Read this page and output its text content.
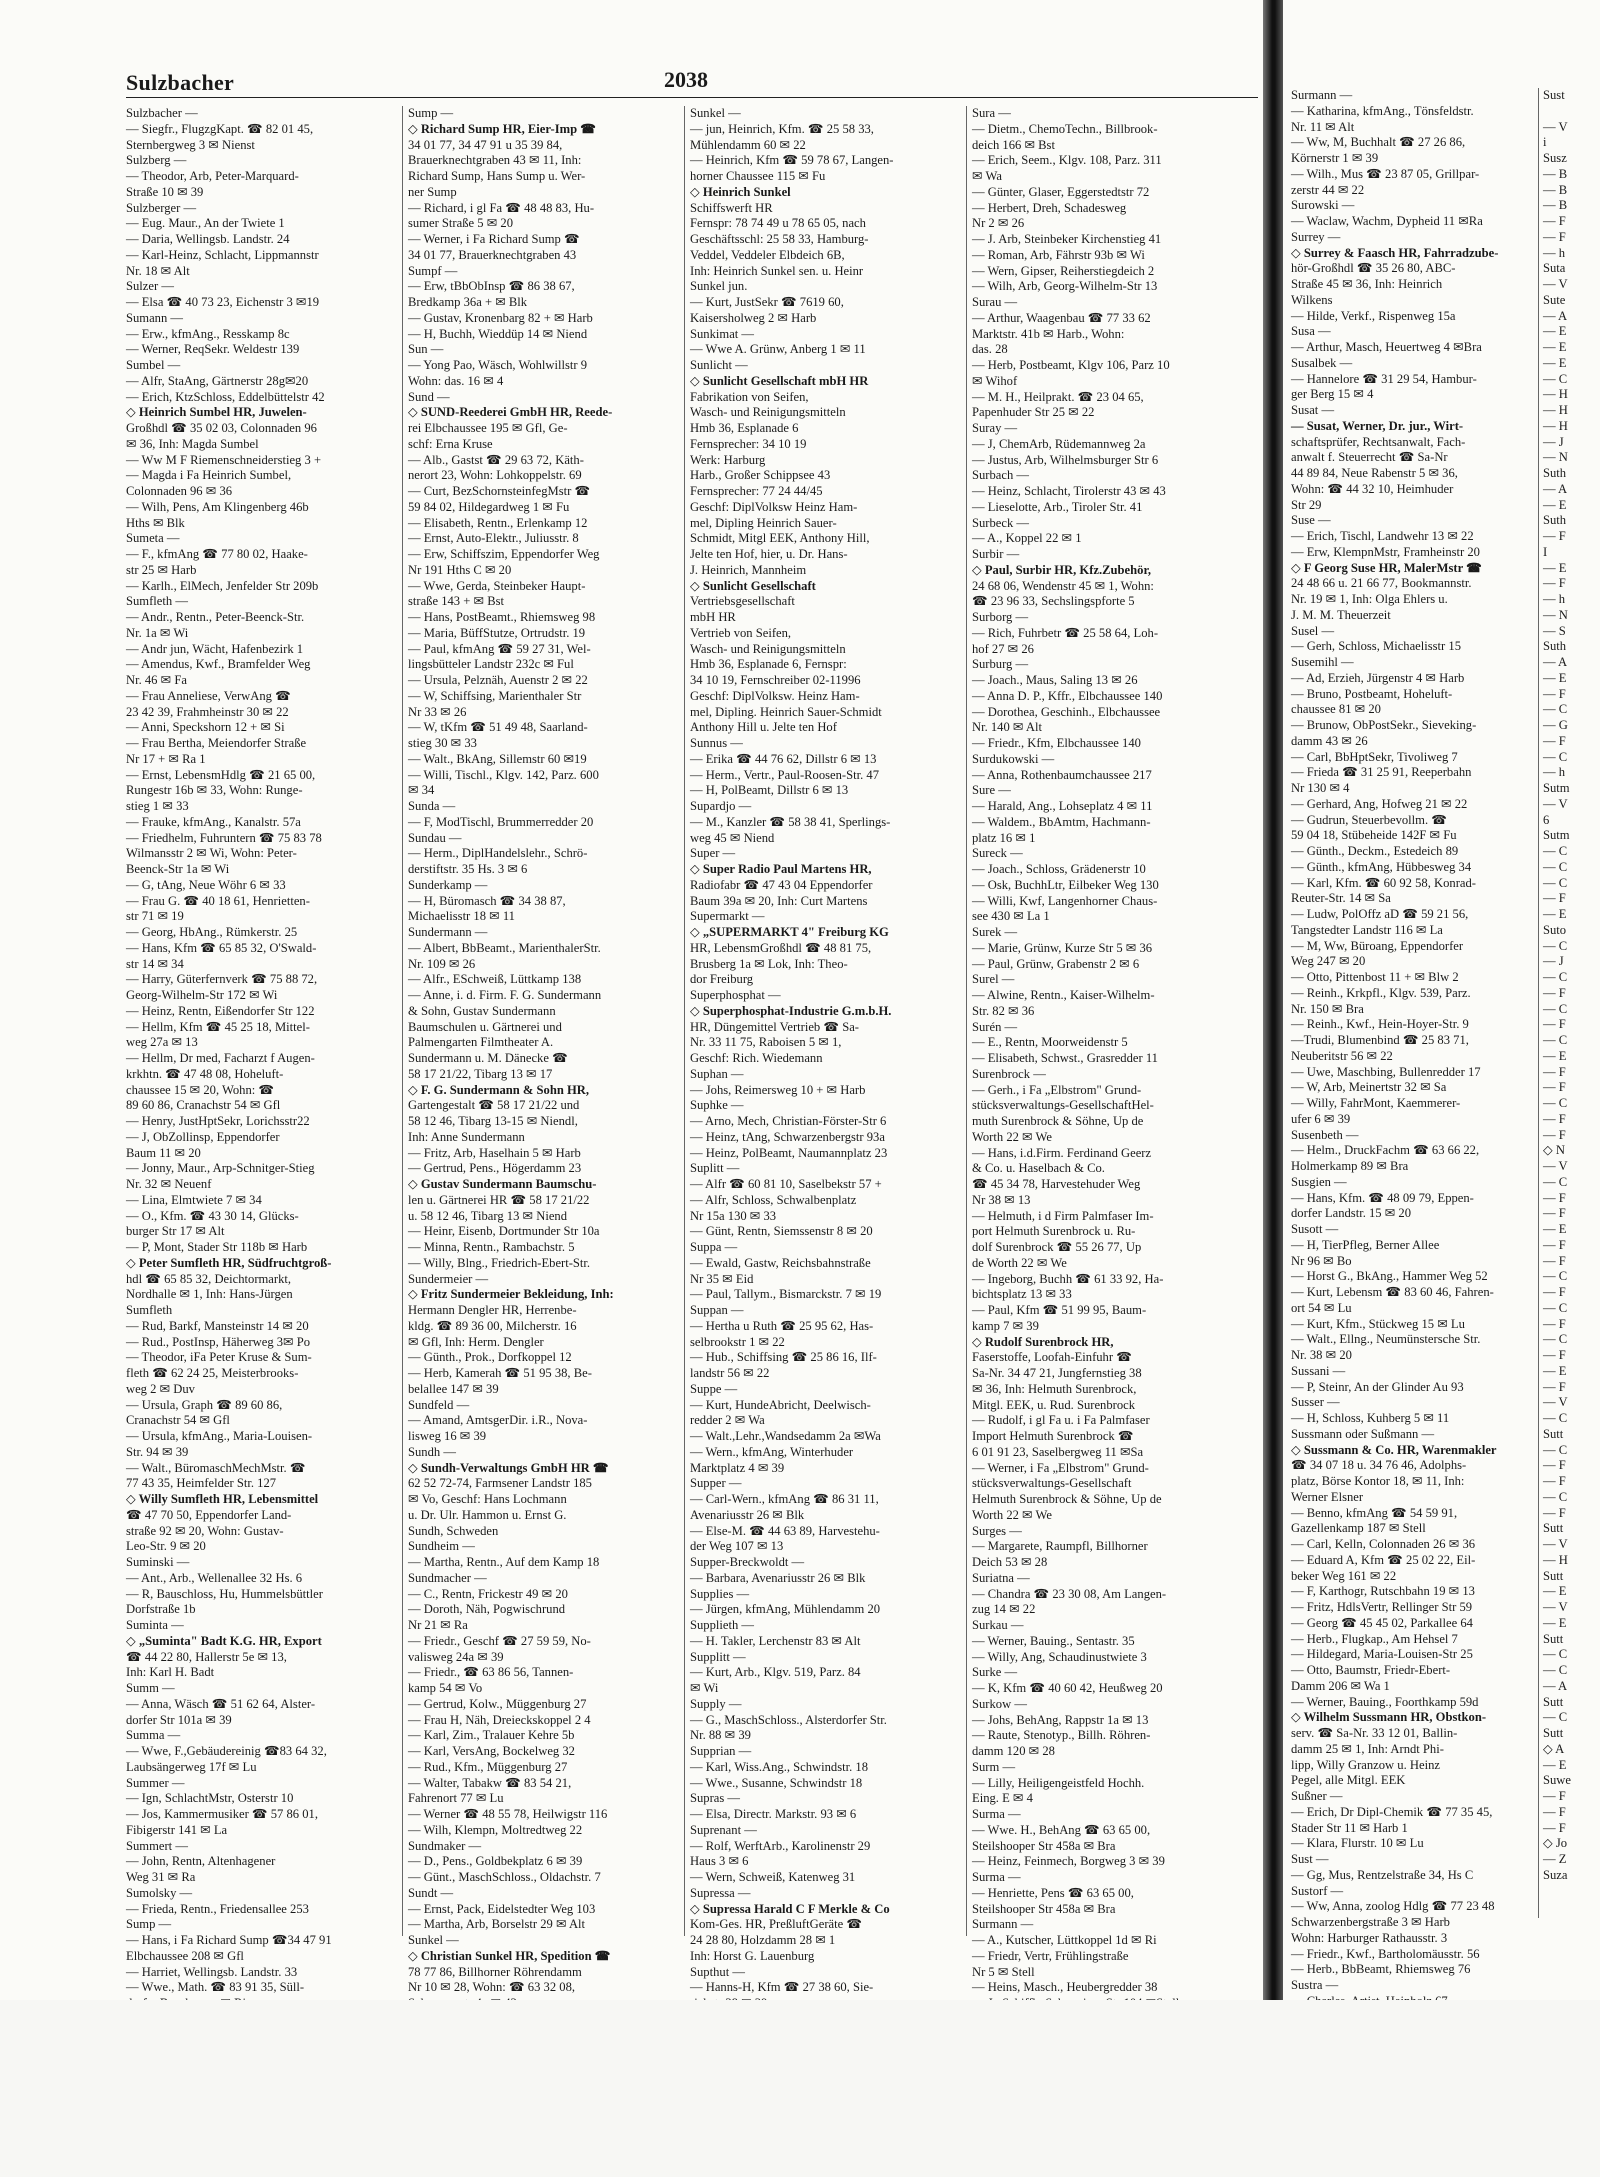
Sulzbacher	2038
Sulzbacher —
— Siegfr., FlugzgKapt. ☎ 82 01 45,
Sternbergweg 3 ✉ Nienst
Sulzberg —
— Theodor, Arb, Peter-Marquard-
Straße 10 ✉ 39
Sulzberger —
— Eug. Maur., An der Twiete 1
— Daria, Wellingsb. Landstr. 24
— Karl-Heinz, Schlacht, Lippmannstr
Nr. 18 ✉ Alt
Sulzer —
— Elsa ☎ 40 73 23, Eichenstr 3 ✉19
Sumann —
— Erw., kfmAng., Resskamp 8c
— Werner, ReqSekr. Weldestr 139
Sumbel —
— Alfr, StaAng, Gärtnerstr 28g✉20
— Erich, KtzSchloss, Eddelbüttelstr 42
◇ Heinrich Sumbel HR, Juwelen-
Großhdl ☎ 35 02 03, Colonnaden 96
✉ 36, Inh: Magda Sumbel
— Ww M F Riemenschneiderstieg 3 +
— Magda i Fa Heinrich Sumbel,
Colonnaden 96 ✉ 36
— Wilh, Pens, Am Klingenberg 46b
Hths ✉ Blk
Sumeta —
— F., kfmAng ☎ 77 80 02, Haake-
str 25 ✉ Harb
— Karlh., ElMech, Jenfelder Str 209b
Sumfleth —
— Andr., Rentn., Peter-Beenck-Str.
Nr. 1a ✉ Wi
— Andr jun, Wächt, Hafenbezirk 1
— Amendus, Kwf., Bramfelder Weg
Nr. 46 ✉ Fa
— Frau Anneliese, VerwAng ☎
23 42 39, Frahmheinstr 30 ✉ 22
— Anni, Speckshorn 12 + ✉ Si
— Frau Bertha, Meiendorfer Straße
Nr 17 + ✉ Ra 1
— Ernst, LebensmHdlg ☎ 21 65 00,
Rungestr 16b ✉ 33, Wohn: Runge-
stieg 1 ✉ 33
— Frauke, kfmAng., Kanalstr. 57a
— Friedhelm, Fuhruntern ☎ 75 83 78
Wilmansstr 2 ✉ Wi, Wohn: Peter-
Beenck-Str 1a ✉ Wi
— G, tAng, Neue Wöhr 6 ✉ 33
— Frau G. ☎ 40 18 61, Henrietten-
str 71 ✉ 19
— Georg, HbAng., Rümkerstr. 25
— Hans, Kfm ☎ 65 85 32, O'Swald-
str 14 ✉ 34
— Harry, Güterfernverk ☎ 75 88 72,
Georg-Wilhelm-Str 172 ✉ Wi
— Heinz, Rentn, Eißendorfer Str 122
— Hellm, Kfm ☎ 45 25 18, Mittel-
weg 27a ✉ 13
— Hellm, Dr med, Facharzt f Augen-
krkhtn. ☎ 47 48 08, Hoheluft-
chaussee 15 ✉ 20, Wohn: ☎
89 60 86, Cranachstr 54 ✉ Gfl
— Henry, JustHptSekr, Lorichsstr22
— J, ObZollinsp, Eppendorfer
Baum 11 ✉ 20
— Jonny, Maur., Arp-Schnitger-Stieg
Nr. 32 ✉ Neuenf
— Lina, Elmtwiete 7 ✉ 34
— O., Kfm. ☎ 43 30 14, Glücks-
burger Str 17 ✉ Alt
— P, Mont, Stader Str 118b ✉ Harb
◇ Peter Sumfleth HR, Südfruchtgroß-
hdl ☎ 65 85 32, Deichtormarkt,
Nordhalle ✉ 1, Inh: Hans-Jürgen
Sumfleth
— Rud, Barkf, Mansteinstr 14 ✉ 20
— Rud., PostInsp, Häherweg 3✉ Po
— Theodor, iFa Peter Kruse & Sum-
fleth ☎ 62 24 25, Meisterbrooks-
weg 2 ✉ Duv
— Ursula, Graph ☎ 89 60 86,
Cranachstr 54 ✉ Gfl
— Ursula, kfmAng., Maria-Louisen-
Str. 94 ✉ 39
— Walt., BüromaschMechMstr. ☎
77 43 35, Heimfelder Str. 127
◇ Willy Sumfleth HR, Lebensmittel
☎ 47 70 50, Eppendorfer Land-
straße 92 ✉ 20, Wohn: Gustav-
Leo-Str. 9 ✉ 20
Suminski —
— Ant., Arb., Wellenallee 32 Hs. 6
— R, Bauschloss, Hu, Hummelsbüttler
Dorfstraße 1b
Suminta —
◇ „Suminta" Badt K.G. HR, Export
☎ 44 22 80, Hallerstr 5e ✉ 13,
Inh: Karl H. Badt
Summ —
— Anna, Wäsch ☎ 51 62 64, Alster-
dorfer Str 101a ✉ 39
Summa —
— Wwe, F.,Gebäudereinig ☎83 64 32,
Laubsängerweg 17f ✉ Lu
Summer —
— Ign, SchlachtMstr, Osterstr 10
— Jos, Kammermusiker ☎ 57 86 01,
Fibigerstr 141 ✉ La
Summert —
— John, Rentn, Altenhagener
Weg 31 ✉ Ra
Sumolsky —
— Frieda, Rentn., Friedensallee 253
Sump —
— Hans, i Fa Richard Sump ☎34 47 91
Elbchaussee 208 ✉ Gfl
— Harriet, Wellingsb. Landstr. 33
— Wwe., Math. ☎ 83 91 35, Süll-
Sump —
◇ Richard Sump HR, Eier-Imp ☎
34 01 77, 34 47 91 u 35 39 84,
Brauerknechtgraben 43 ✉ 11, Inh:
Richard Sump, Hans Sump u. Wer-
ner Sump
— Richard, i gl Fa ☎ 48 48 83, Hu-
sumer Straße 5 ✉ 20
— Werner, i Fa Richard Sump ☎
34 01 77, Brauerknechtgraben 43
Sumpf —
— Erw, tBbObInsp ☎ 86 38 67,
Bredkamp 36a + ✉ Blk
— Gustav, Kronenbarg 82 + ✉ Harb
— H, Buchh, Wieddüp 14 ✉ Niend
Sun —
— Yong Pao, Wäsch, Wohlwillstr 9
Wohn: das. 16 ✉ 4
Sund —
◇ SUND-Reederei GmbH HR, Reede-
rei Elbchaussee 195 ✉ Gfl, Ge-
schf: Erna Kruse
— Alb., Gastst ☎ 29 63 72, Käth-
nerort 23, Wohn: Lohkoppelstr. 69
— Curt, BezSchornsteinfegMstr ☎
59 84 02, Hildegardweg 1 ✉ Fu
— Elisabeth, Rentn., Erlenkamp 12
— Ernst, Auto-Elektr., Juliusstr. 8
— Erw, Schiffszim, Eppendorfer Weg
Nr 191 Hths C ✉ 20
— Wwe, Gerda, Steinbeker Haupt-
straße 143 + ✉ Bst
— Hans, PostBeamt., Rhiemsweg 98
— Maria, BüffStutze, Ortrudstr. 19
— Paul, kfmAng ☎ 59 27 31, Wel-
lingsbütteler Landstr 232c ✉ Ful
— Ursula, Pelznäh, Auenstr 2 ✉ 22
— W, Schiffsing, Marienthaler Str
Nr 33 ✉ 26
— W, tKfm ☎ 51 49 48, Saarland-
stieg 30 ✉ 33
— Walt., BkAng, Sillemstr 60 ✉19
— Willi, Tischl., Klgv. 142, Parz. 600
✉ 34
Sunda —
— F, ModTischl, Brummerredder 20
Sundau —
— Herm., DiplHandelslehr., Schrö-
derstiftstr. 35 Hs. 3 ✉ 6
Sunderkamp —
— H, Büromasch ☎ 34 38 87,
Michaelisstr 18 ✉ 11
Sundermann —
— Albert, BbBeamt., MarienthalerStr.
Nr. 109 ✉ 26
— Alfr., ESchweiß, Lüttkamp 138
— Anne, i. d. Firm. F. G. Sundermann
& Sohn, Gustav Sundermann
Baumschulen u. Gärtnerei und
Palmengarten Filmtheater A.
Sundermann u. M. Dänecke ☎
58 17 21/22, Tibarg 13 ✉ 17
◇ F. G. Sundermann & Sohn HR,
Gartengestalt ☎ 58 17 21/22 und
58 12 46, Tibarg 13-15 ✉ Niendl,
Inh: Anne Sundermann
— Fritz, Arb, Haselhain 5 ✉ Harb
— Gertrud, Pens., Högerdamm 23
◇ Gustav Sundermann Baumschu-
len u. Gärtnerei HR ☎ 58 17 21/22
u. 58 12 46, Tibarg 13 ✉ Niend
— Heinr, Eisenb, Dortmunder Str 10a
— Minna, Rentn., Rambachstr. 5
— Willy, Blng., Friedrich-Ebert-Str.
Sundermeier —
◇ Fritz Sundermeier Bekleidung, Inh:
Hermann Dengler HR, Herrenbe-
kldg. ☎ 89 36 00, Milcherstr. 16
✉ Gfl, Inh: Herm. Dengler
— Günth., Prok., Dorfkoppel 12
— Herb, Kamerah ☎ 51 95 38, Be-
belallee 147 ✉ 39
Sundfeld —
— Amand, AmtsgerDir. i.R., Nova-
lisweg 16 ✉ 39
Sundh —
◇ Sundh-Verwaltungs GmbH HR ☎
62 52 72-74, Farmsener Landstr 185
✉ Vo, Geschf: Hans Lochmann
u. Dr. Ulr. Hammon u. Ernst G.
Sundh, Schweden
Sundheim —
— Martha, Rentn., Auf dem Kamp 18
Sundmacher —
— C., Rentn, Frickestr 49 ✉ 20
— Doroth, Näh, Pogwischrund
Nr 21 ✉ Ra
— Friedr., Geschf ☎ 27 59 59, No-
valisweg 24a ✉ 39
— Friedr., ☎ 63 86 56, Tannen-
kamp 54 ✉ Vo
— Gertrud, Kolw., Müggenburg 27
— Frau H, Näh, Dreieckskoppel 2 4
— Karl, Zim., Tralauer Kehre 5b
— Karl, VersAng, Bockelweg 32
— Rud., Kfm., Müggenburg 27
— Walter, Tabakw ☎ 83 54 21,
Fahrenort 77 ✉ Lu
— Werner ☎ 48 55 78, Heilwigstr 116
— Wilh, Klempn, Moltredtweg 22
Sundmaker —
— D., Pens., Goldbekplatz 6 ✉ 39
— Günt., MaschSchloss., Oldachstr. 7
Sundt —
— Ernst, Pack, Eidelstedter Weg 103
— Martha, Arb, Borselstr 29 ✉ Alt
Sunkel —
◇ Christian Sunkel HR, Spedition ☎
78 77 86, Billhorner Röhrendamm
Nr 10 ✉ 28, Wohn: ☎ 63 32 08,
Sunkel —
— jun, Heinrich, Kfm. ☎ 25 58 33,
Mühlendamm 60 ✉ 22
— Heinrich, Kfm ☎ 59 78 67, Langen-
horner Chaussee 115 ✉ Fu
◇ Heinrich Sunkel
Schiffswerft HR
Fernspr: 78 74 49 u 78 65 05, nach
Geschäftsschl: 25 58 33, Hamburg-
Veddel, Veddeler Elbdeich 6B,
Inh: Heinrich Sunkel sen. u. Heinr
Sunkel jun.
— Kurt, JustSekr ☎ 7619 60,
Kaisersholweg 2 ✉ Harb
Sunkimat —
— Wwe A. Grünw, Anberg 1 ✉ 11
Sunlicht —
◇ Sunlicht Gesellschaft mbH HR
Fabrikation von Seifen,
Wasch- und Reinigungsmitteln
Hmb 36, Esplanade 6
Fernsprecher: 34 10 19
Werk: Harburg
Harb., Großer Schippsee 43
Fernsprecher: 77 24 44/45
Geschf: DiplVolksw Heinz Ham-
mel, Dipling Heinrich Sauer-
Schmidt, Mitgl EEK, Anthony Hill,
Jelte ten Hof, hier, u. Dr. Hans-
J. Heinrich, Mannheim
◇ Sunlicht Gesellschaft
Vertriebsgesellschaft
mbH HR
Vertrieb von Seifen,
Wasch- und Reinigungsmitteln
Hmb 36, Esplanade 6, Fernspr:
34 10 19, Fernschreiber 02-11996
Geschf: DiplVolksw. Heinz Ham-
mel, Dipling. Heinrich Sauer-Schmidt
Anthony Hill u. Jelte ten Hof
Sunnus —
— Erika ☎ 44 76 62, Dillstr 6 ✉ 13
— Herm., Vertr., Paul-Roosen-Str. 47
— H, PolBeamt, Dillstr 6 ✉ 13
Supardjo —
— M., Kanzler ☎ 58 38 41, Sperlings-
weg 45 ✉ Niend
Super —
◇ Super Radio Paul Martens HR,
Radiofabr ☎ 47 43 04 Eppendorfer
Baum 39a ✉ 20, Inh: Curt Martens
Supermarkt —
◇ „SUPERMARKT 4" Freiburg KG
HR, LebensmGroßhdl ☎ 48 81 75,
Brusberg 1a ✉ Lok, Inh: Theo-
dor Freiburg
Superphosphat —
◇ Superphosphat-Industrie G.m.b.H.
HR, Düngemittel Vertrieb ☎ Sa-
Nr. 33 11 75, Raboisen 5 ✉ 1,
Geschf: Rich. Wiedemann
Suphan —
— Johs, Reimersweg 10 + ✉ Harb
Suphke —
— Arno, Mech, Christian-Förster-Str 6
— Heinz, tAng, Schwarzenbergstr 93a
— Heinz, PolBeamt, Naumannplatz 23
Suplitt —
— Alfr ☎ 60 81 10, Saselbekstr 57 +
— Alfr, Schloss, Schwalbenplatz
Nr 15a 130 ✉ 33
— Günt, Rentn, Siemssenstr 8 ✉ 20
Suppa —
— Ewald, Gastw, Reichsbahnstraße
Nr 35 ✉ Eid
— Paul, Tallym., Bismarckstr. 7 ✉ 19
Suppan —
— Hertha u Ruth ☎ 25 95 62, Has-
selbrookstr 1 ✉ 22
— Hub., Schiffsing ☎ 25 86 16, Ilf-
landstr 56 ✉ 22
Suppe —
— Kurt, HundeAbricht, Deelwisch-
redder 2 ✉ Wa
— Walt.,Lehr.,Wandsedamm 2a ✉Wa
— Wern., kfmAng, Winterhuder
Marktplatz 4 ✉ 39
Supper —
— Carl-Wern., kfmAng ☎ 86 31 11,
Avenariusstr 26 ✉ Blk
— Else-M. ☎ 44 63 89, Harvestehu-
der Weg 107 ✉ 13
Supper-Breckwoldt —
— Barbara, Avenariusstr 26 ✉ Blk
Supplies —
— Jürgen, kfmAng, Mühlendamm 20
Supplieth —
— H. Takler, Lerchenstr 83 ✉ Alt
Supplitt —
— Kurt, Arb., Klgv. 519, Parz. 84
✉ Wi
Supply —
— G., MaschSchloss., Alsterdorfer Str.
Nr. 88 ✉ 39
Supprian —
— Karl, Wiss.Ang., Schwindstr. 18
— Wwe., Susanne, Schwindstr 18
Supras —
— Elsa, Directr. Markstr. 93 ✉ 6
Suprenant —
— Rolf, WerftArb., Karolinenstr 29
Haus 3 ✉ 6
— Wern, Schweiß, Katenweg 31
Supressa —
◇ Supressa Harald C F Merkle & Co
Kom-Ges. HR, PreßluftGeräte ☎
24 28 80, Holzdamm 28 ✉ 1
Inh: Horst G. Lauenburg
Supthut —
— Hanns-H, Kfm ☎ 27 38 60, Sie-
Sura —
— Dietm., ChemoTechn., Billbrook-
deich 166 ✉ Bst
— Erich, Seem., Klgv. 108, Parz. 311
✉ Wa
— Günter, Glaser, Eggerstedtstr 72
— Herbert, Dreh, Schadesweg
Nr 2 ✉ 26
— J. Arb, Steinbeker Kirchenstieg 41
— Roman, Arb, Fährstr 93b ✉ Wi
— Wern, Gipser, Reiherstiegdeich 2
— Wilh, Arb, Georg-Wilhelm-Str 13
Surau —
— Arthur, Waagenbau ☎ 77 33 62
Marktstr. 41b ✉ Harb., Wohn:
das. 28
— Herb, Postbeamt, Klgv 106, Parz 10
✉ Wihof
— M. H., Heilprakt. ☎ 23 04 65,
Papenhuder Str 25 ✉ 22
Suray —
— J, ChemArb, Rüdemannweg 2a
— Justus, Arb, Wilhelmsburger Str 6
Surbach —
— Heinz, Schlacht, Tirolerstr 43 ✉ 43
— Lieselotte, Arb., Tiroler Str. 41
Surbeck —
— A., Koppel 22 ✉ 1
Surbir —
◇ Paul, Surbir HR, Kfz.Zubehör,
24 68 06, Wendenstr 45 ✉ 1, Wohn:
☎ 23 96 33, Sechslingspforte 5
Surborg —
— Rich, Fuhrbetr ☎ 25 58 64, Loh-
hof 27 ✉ 26
Surburg —
— Joach., Maus, Saling 13 ✉ 26
— Anna D. P., Kffr., Elbchaussee 140
— Dorothea, Geschinh., Elbchaussee
Nr. 140 ✉ Alt
— Friedr., Kfm, Elbchaussee 140
Surdukowski —
— Anna, Rothenbaumchaussee 217
Sure —
— Harald, Ang., Lohseplatz 4 ✉ 11
— Waldem., BbAmtm, Hachmann-
platz 16 ✉ 1
Sureck —
— Joach., Schloss, Grädenerstr 10
— Osk, BuchhLtr, Eilbeker Weg 130
— Willi, Kwf, Langenhorner Chaus-
see 430 ✉ La 1
Surek —
— Marie, Grünw, Kurze Str 5 ✉ 36
— Paul, Grünw, Grabenstr 2 ✉ 6
Surel —
— Alwine, Rentn., Kaiser-Wilhelm-
Str. 82 ✉ 36
Surén —
— E., Rentn, Moorweidenstr 5
— Elisabeth, Schwst., Grasredder 11
Surenbrock —
— Gerh., i Fa „Elbstrom" Grund-
stücksverwaltungs-GesellschaftHel-
muth Surenbrock & Söhne, Up de
Worth 22 ✉ We
— Hans, i.d.Firm. Ferdinand Geerz
& Co. u. Haselbach & Co.
☎ 45 34 78, Harvestehuder Weg
Nr 38 ✉ 13
— Helmuth, i d Firm Palmfaser Im-
port Helmuth Surenbrock u. Ru-
dolf Surenbrock ☎ 55 26 77, Up
de Worth 22 ✉ We
— Ingeborg, Buchh ☎ 61 33 92, Ha-
bichtsplatz 13 ✉ 33
— Paul, Kfm ☎ 51 99 95, Baum-
kamp 7 ✉ 39
◇ Rudolf Surenbrock HR,
Faserstoffe, Loofah-Einfuhr ☎
Sa-Nr. 34 47 21, Jungfernstieg 38
✉ 36, Inh: Helmuth Surenbrock,
Mitgl. EEK, u. Rud. Surenbrock
— Rudolf, i gl Fa u. i Fa Palmfaser
Import Helmuth Surenbrock ☎
6 01 91 23, Saselbergweg 11 ✉Sa
— Werner, i Fa „Elbstrom" Grund-
stücksverwaltungs-Gesellschaft
Helmuth Surenbrock & Söhne, Up de
Worth 22 ✉ We
Surges —
— Margarete, Raumpfl, Billhorner
Deich 53 ✉ 28
Suriatna —
— Chandra ☎ 23 30 08, Am Langen-
zug 14 ✉ 22
Surkau —
— Werner, Bauing., Sentastr. 35
— Willy, Ang, Schaudinustwiete 3
Surke —
— K, Kfm ☎ 40 60 42, Heußweg 20
Surkow —
— Johs, BehAng, Rappstr 1a ✉ 13
— Raute, Stenotyp., Billh. Röhren-
damm 120 ✉ 28
Surm —
— Lilly, Heiligengeistfeld Hochh.
Eing. E ✉ 4
Surma —
— Wwe. H., BehAng ☎ 63 65 00,
Steilshooper Str 458a ✉ Bra
— Heinz, Feinmech, Borgweg 3 ✉ 39
Surma —
— Henriette, Pens ☎ 63 65 00,
Steilshooper Str 458a ✉ Bra
Surmann —
— A., Kutscher, Lüttkoppel 1d ✉ Ri
— Friedr, Vertr, Frühlingstraße
Nr 5 ✉ Stell
— Heins, Masch., Heubergredder 38
Surmann —
— Katharina, kfmAng., Tönsfeldstr.
Nr. 11 ✉ Alt
— Ww, M, Buchhalt ☎ 27 26 86,
Körnerstr 1 ✉ 39
— Wilh., Mus ☎ 23 87 05, Grillpar-
zerstr 44 ✉ 22
Surowski —
— Waclaw, Wachm, Dypheid 11 ✉Ra
Surrey —
◇ Surrey & Faasch HR, Fahrradzube-
hör-Großhdl ☎ 35 26 80, ABC-
Straße 45 ✉ 36, Inh: Heinrich
Wilkens
— Hilde, Verkf., Rispenweg 15a
Susa —
— Arthur, Masch, Heuertweg 4 ✉Bra
Susalbek —
— Hannelore ☎ 31 29 54, Hambur-
ger Berg 15 ✉ 4
Susat —
— Susat, Werner, Dr. jur., Wirt-
schaftsprüfer, Rechtsanwalt, Fach-
anwalt f. Steuerrecht ☎ Sa-Nr
44 89 84, Neue Rabenstr 5 ✉ 36,
Wohn: ☎ 44 32 10, Heimhuder
Str 29
Suse —
— Erich, Tischl, Landwehr 13 ✉ 22
— Erw, KlempnMstr, Framheinstr 20
◇ F Georg Suse HR, MalerMstr ☎
24 48 66 u. 21 66 77, Bookmannstr.
Nr. 19 ✉ 1, Inh: Olga Ehlers u.
J. M. M. Theuerzeit
Susel —
— Gerh, Schloss, Michaelisstr 15
Susemihl —
— Ad, Erzieh, Jürgenstr 4 ✉ Harb
— Bruno, Postbeamt, Hoheluft-
chaussee 81 ✉ 20
— Brunow, ObPostSekr., Sieveking-
damm 43 ✉ 26
— Carl, BbHptSekr, Tivoliweg 7
— Frieda ☎ 31 25 91, Reeperbahn
Nr 130 ✉ 4
— Gerhard, Ang, Hofweg 21 ✉ 22
— Gudrun, Steuerbevollm. ☎
59 04 18, Stübeheide 142F ✉ Fu
— Günth., Deckm., Estedeich 89
— Günth., kfmAng, Hübbesweg 34
— Karl, Kfm. ☎ 60 92 58, Konrad-
Reuter-Str. 14 ✉ Sa
— Ludw, PolOffz aD ☎ 59 21 56,
Tangstedter Landstr 116 ✉ La
— M, Ww, Büroang, Eppendorfer
Weg 247 ✉ 20
— Otto, Pittenbost 11 + ✉ Blw 2
— Reinh., Krkpfl., Klgv. 539, Parz.
Nr. 150 ✉ Bra
— Reinh., Kwf., Hein-Hoyer-Str. 9
—Trudi, Blumenbind ☎ 25 83 71,
Neuberitstr 56 ✉ 22
— Uwe, Maschbing, Bullenredder 17
— W, Arb, Meinertstr 32 ✉ Sa
— Willy, FahrMont, Kaemmerer-
ufer 6 ✉ 39
Susenbeth —
— Helm., DruckFachm ☎ 63 66 22,
Holmerkamp 89 ✉ Bra
Susgien —
— Hans, Kfm. ☎ 48 09 79, Eppen-
dorfer Landstr. 15 ✉ 20
Susott —
— H, TierPfleg, Berner Allee
Nr 96 ✉ Bo
— Horst G., BkAng., Hammer Weg 52
— Kurt, Lebensm ☎ 83 60 46, Fahren-
ort 54 ✉ Lu
— Kurt, Kfm., Stückweg 15 ✉ Lu
— Walt., Ellng., Neumünstersche Str.
Nr. 38 ✉ 20
Sussani —
— P, Steinr, An der Glinder Au 93
Susser —
— H, Schloss, Kuhberg 5 ✉ 11
Sussmann oder Sußmann —
◇ Sussmann & Co. HR, Warenmakler
☎ 34 07 18 u. 34 76 46, Adolphs-
platz, Börse Kontor 18, ✉ 11, Inh:
Werner Elsner
— Benno, kfmAng ☎ 54 59 91,
Gazellenkamp 187 ✉ Stell
— Carl, Kelln, Colonnaden 26 ✉ 36
— Eduard A, Kfm ☎ 25 02 22, Eil-
beker Weg 161 ✉ 22
— F, Karthogr, Rutschbahn 19 ✉ 13
— Fritz, HdlsVertr, Rellinger Str 59
— Georg ☎ 45 45 02, Parkallee 64
— Herb., Flugkap., Am Hehsel 7
— Hildegard, Maria-Louisen-Str 25
— Otto, Baumstr, Friedr-Ebert-
Damm 206 ✉ Wa 1
— Werner, Bauing., Foorthkamp 59d
◇ Wilhelm Sussmann HR, Obstkon-
serv. ☎ Sa-Nr. 33 12 01, Ballin-
damm 25 ✉ 1, Inh: Arndt Phi-
lipp, Willy Granzow u. Heinz
Pegel, alle Mitgl. EEK
Sußner —
— Erich, Dr Dipl-Chemik ☎ 77 35 45,
Stader Str 11 ✉ Harb 1
— Klara, Flurstr. 10 ✉ Lu
Sust —
— Gg, Mus, Rentzelstraße 34, Hs C
Sustorf —
— Ww, Anna, zoolog Hdlg ☎ 77 23 48
Schwarzenbergstraße 3 ✉ Harb
Wohn: Harburger Rathausstr. 3
— Friedr., Kwf., Bartholomäusstr. 56
— Herb., BbBeamt, Rhiemsweg 76
Sustra —
Sust

— V
i
Susz
— B
— B
— B
— F
— F
— h
Suta
— V
Sute
— A
— E
— E
— E
— C
— H
— H
— H
— J
— N
Suth
— A
— E
Suth
— F
I
— E
— F
— h
— N
— S
Suth
— A
— E
— F
— C
— G
— F
— C
— h
Sutm
— V
6
Sutm
— C
— C
— C
— F
— E
Suto
— C
— J
— C
— F
— C
— F
— C
— E
— F
— F
— C
— F
— F
◇ N
— V
— C
— F
— F
— E
— F
— F
— C
— F
— C
— F
— C
— F
— E
— F
— V
— C
Sutt
— C
— F
— F
— C
— F
Sutt
— V
— H
Sutt
— E
— V
— E
Sutt
— C
— C
— A
Sutt
— C
Sutt
◇ A
— E
Suwe
— F
— F
— F
◇ Jo
— Z
Suza
